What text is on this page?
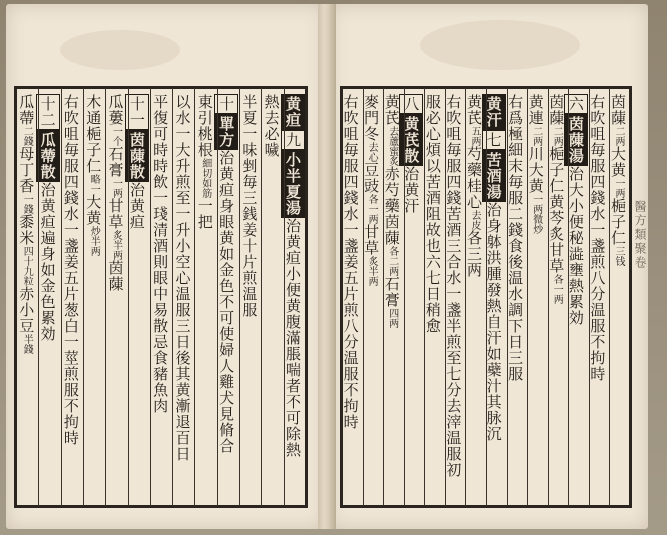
醫方類聚卷
黄疸九小半夏湯治黄疸小便黄腹滿脹喘者不可除熱
熱去必噦
半夏一味剉毎三銭姜十片煎温服
十單方治黄疸身眼黄如金色不可使婦人雞犬見脩合
東引桃根細切如筋一把
以水一大升煎至一升小空心温服三日後其黄漸退百日
平復可時時飲一琖清酒則眼中易散忌食豬魚肉
十一茵蔯散治黄疸
瓜蔞一个石膏一两甘草炙半两茵蔯
木通梔子仁略一大黄炒半两
右吹咀毎服四錢水一盞姜五片葱白一莖煎服不拘時
十二瓜蔕散治黄疸遍身如金色累効
瓜蔕二錢母丁香一錢黍米四十九粒赤小豆半錢
茵蔯二两大黄一两梔子仁三钱
右吹咀毎服四錢水一盞煎八分温服不拘時
六茵蔯湯治大小便秘澁壅熱累効
茵蔯二两梔子仁黄芩炙甘草各一两
黄連二两川大黄一两微炒
右爲極細末毎服二錢食後温水調下日三服
黄汗七苦酒湯治身躰洪腫發熱自汗如蘗汁其脉沉
黄芪五两芍藥桂心去皮各三两
右吹咀毎服四錢苦酒三合水一盞半煎至七分去滓温服初
服必心煩以苦酒阻故也六七日稍愈
八黄芪散治黄汗
黄芪去蘆蜜炙赤芍藥茵蔯各二两石膏四两
麥門冬去心豆豉各一两甘草炙半两
右吹咀毎服四錢水一盞姜五片煎八分温服不拘時
